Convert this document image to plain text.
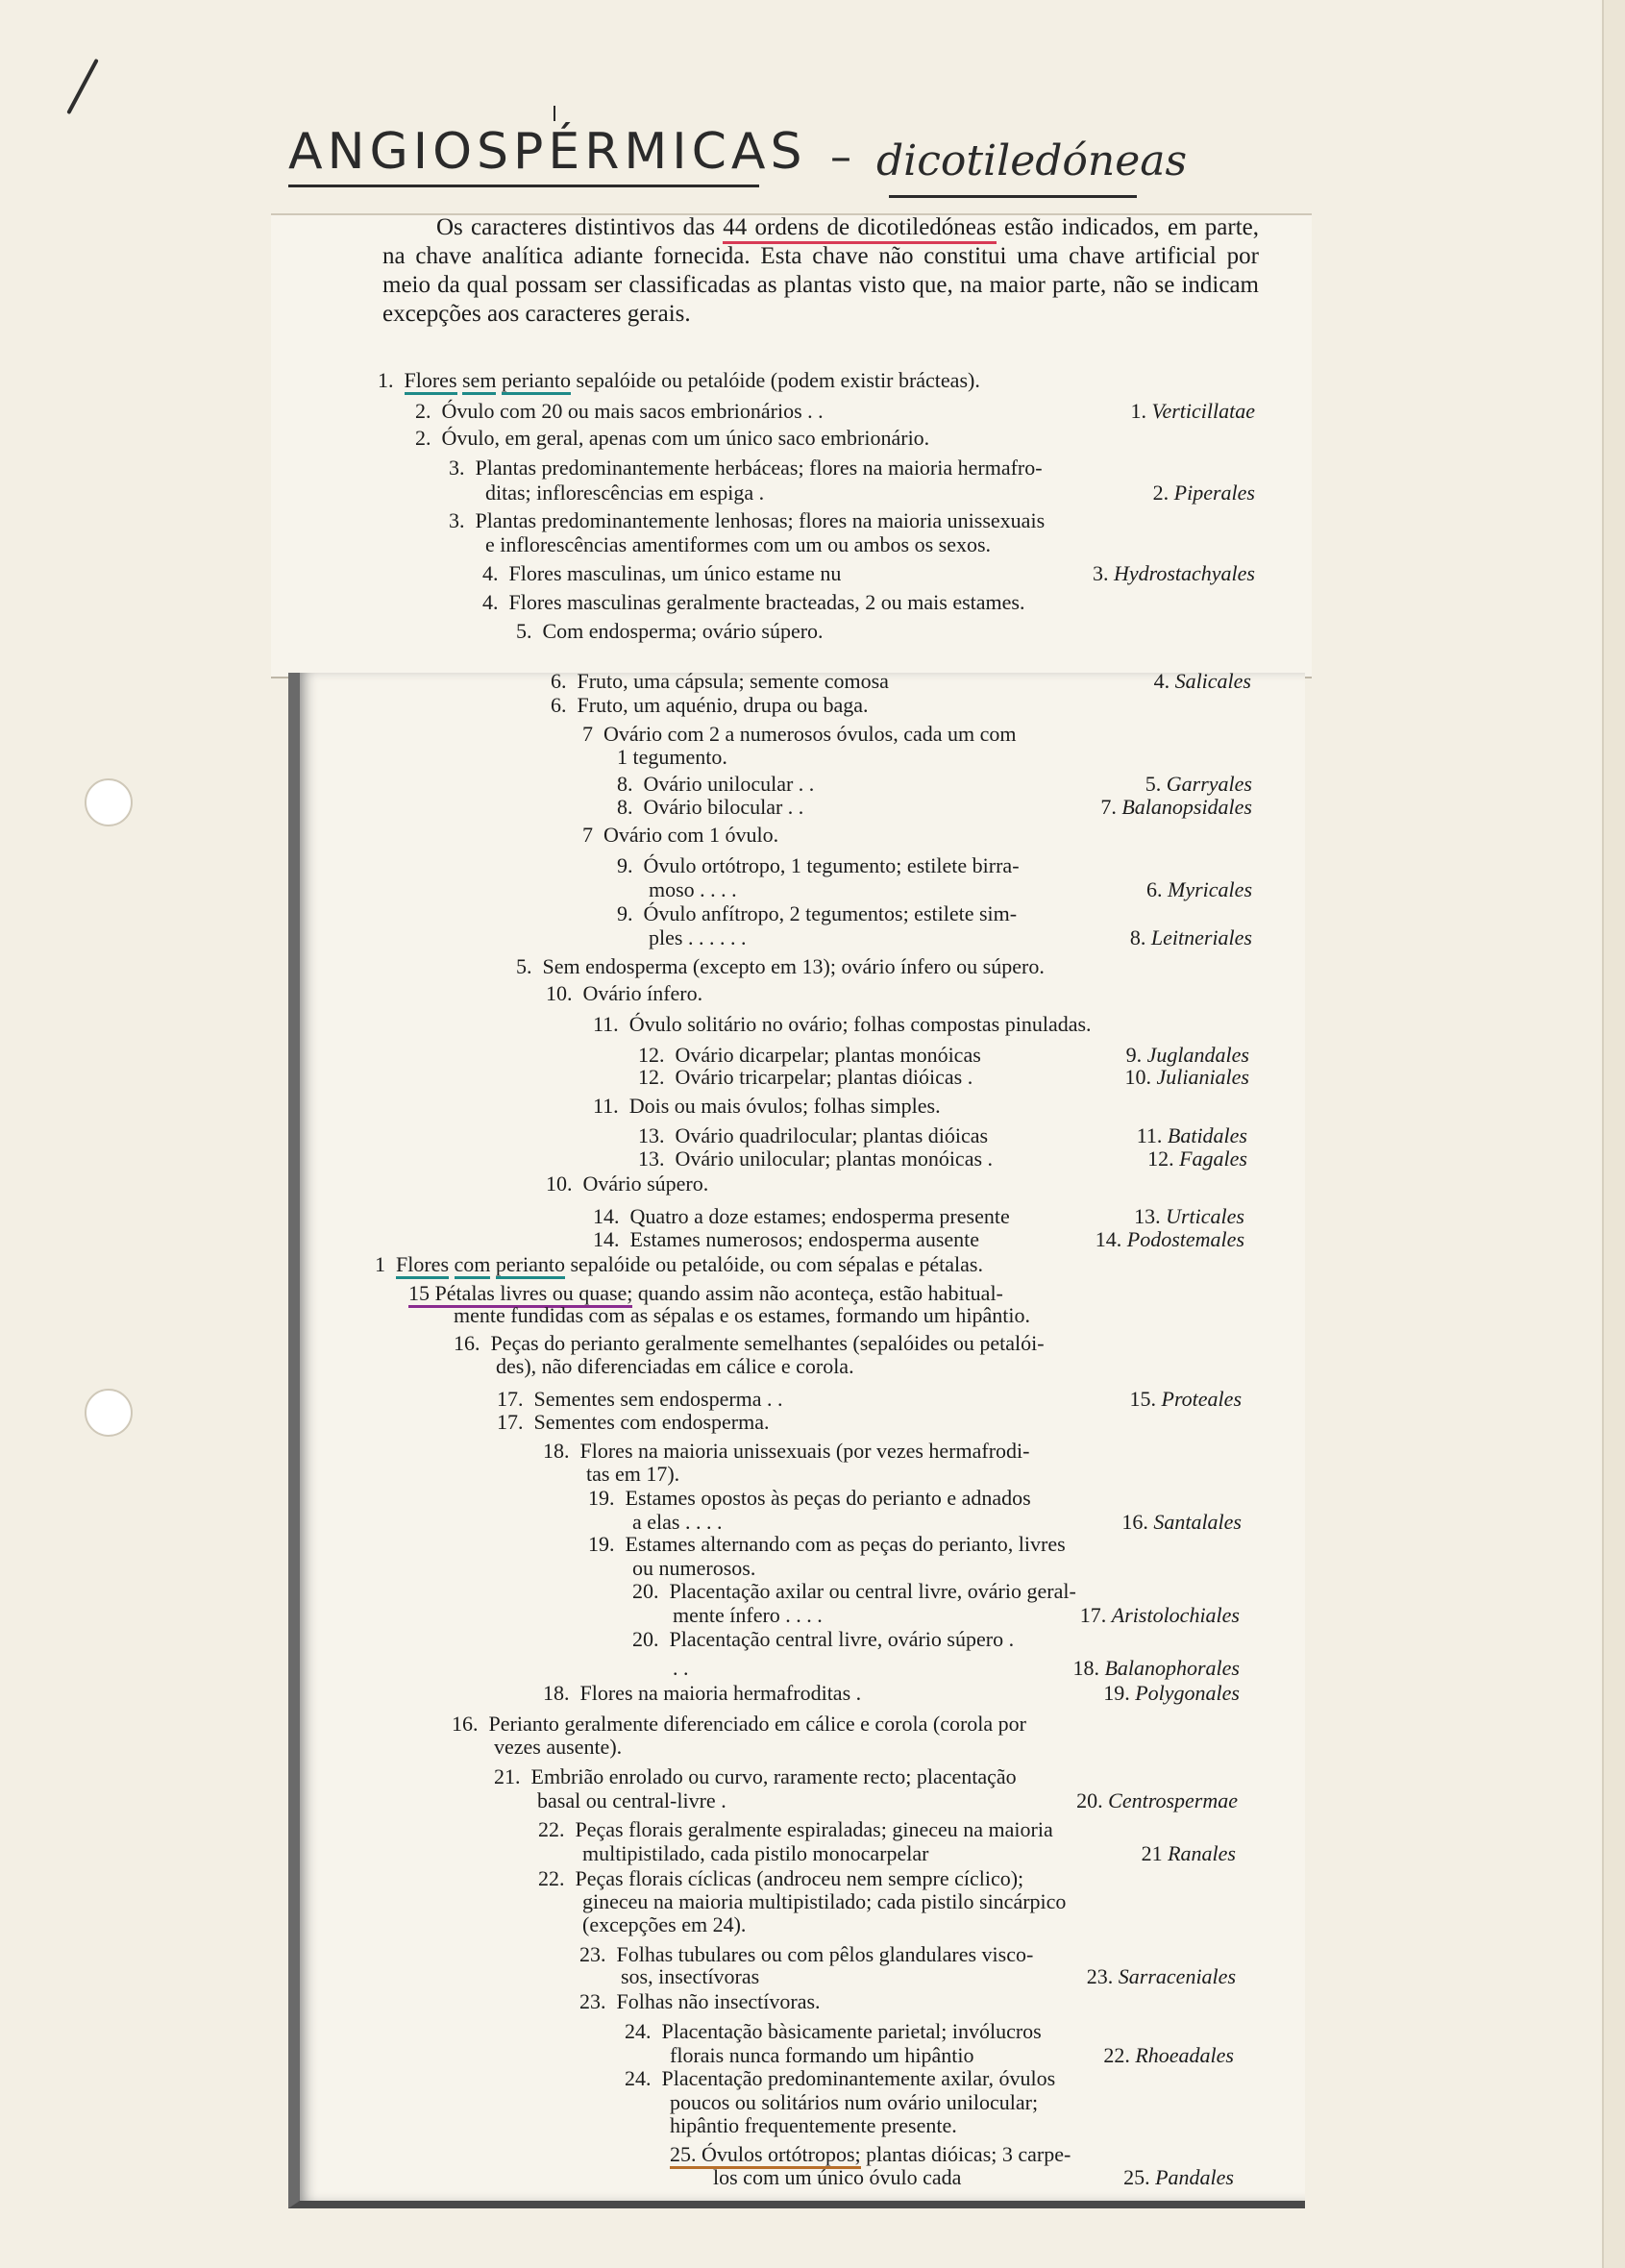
ANGIOSPÉRMICAS – dicotiledóneas

Os caracteres distintivos das 44 ordens de dicotiledóneas estão indicados, em parte, na chave analítica adiante fornecida. Esta chave não constitui uma chave artificial por meio da qual possam ser classificadas as plantas visto que, na maior parte, não se indicam excepções aos caracteres gerais.

1.  Flores sem perianto sepalóide ou petalóide (podem existir brácteas).
2.  Óvulo com 20 ou mais sacos embrionários . .	1. Verticillatae
2.  Óvulo, em geral, apenas com um único saco embrionário.
3.  Plantas predominantemente herbáceas; flores na maioria hermafro-
ditas; inflorescências em espiga .	2. Piperales
3.  Plantas predominantemente lenhosas; flores na maioria unissexuais
e inflorescências amentiformes com um ou ambos os sexos.
4.  Flores masculinas, um único estame nu	3. Hydrostachyales
4.  Flores masculinas geralmente bracteadas, 2 ou mais estames.
5.  Com endosperma; ovário súpero.
6.  Fruto, uma cápsula; semente comosa	4. Salicales
6.  Fruto, um aquénio, drupa ou baga.
7  Ovário com 2 a numerosos óvulos, cada um com
1 tegumento.
8.  Ovário unilocular . .	5. Garryales
8.  Ovário bilocular . .	7. Balanopsidales
7  Ovário com 1 óvulo.
9.  Óvulo ortótropo, 1 tegumento; estilete birra-
moso . . . .	6. Myricales
9.  Óvulo anfítropo, 2 tegumentos; estilete sim-
ples . . . . . .	8. Leitneriales
5.  Sem endosperma (excepto em 13); ovário ínfero ou súpero.
10.  Ovário ínfero.
11.  Óvulo solitário no ovário; folhas compostas pinuladas.
12.  Ovário dicarpelar; plantas monóicas	9. Juglandales
12.  Ovário tricarpelar; plantas dióicas .	10. Julianiales
11.  Dois ou mais óvulos; folhas simples.
13.  Ovário quadrilocular; plantas dióicas	11. Batidales
13.  Ovário unilocular; plantas monóicas .	12. Fagales
10.  Ovário súpero.
14.  Quatro a doze estames; endosperma presente	13. Urticales
14.  Estames numerosos; endosperma ausente	14. Podostemales
1  Flores com perianto sepalóide ou petalóide, ou com sépalas e pétalas.
15 Pétalas livres ou quase; quando assim não aconteça, estão habitual-
mente fundidas com as sépalas e os estames, formando um hipântio.
16.  Peças do perianto geralmente semelhantes (sepalóides ou petalói-
des), não diferenciadas em cálice e corola.
17.  Sementes sem endosperma . .	15. Proteales
17.  Sementes com endosperma.
18.  Flores na maioria unissexuais (por vezes hermafrodi-
tas em 17).
19.  Estames opostos às peças do perianto e adnados
a elas . . . .	16. Santalales
19.  Estames alternando com as peças do perianto, livres
ou numerosos.
20.  Placentação axilar ou central livre, ovário geral-
mente ínfero . . . .	17. Aristolochiales
20.  Placentação central livre, ovário súpero .
. .	18. Balanophorales
18.  Flores na maioria hermafroditas .	19. Polygonales
16.  Perianto geralmente diferenciado em cálice e corola (corola por
vezes ausente).
21.  Embrião enrolado ou curvo, raramente recto; placentação
basal ou central-livre .	20. Centrospermae
22.  Peças florais geralmente espiraladas; gineceu na maioria
multipistilado, cada pistilo monocarpelar	21 Ranales
22.  Peças florais cíclicas (androceu nem sempre cíclico);
gineceu na maioria multipistilado; cada pistilo sincárpico
(excepções em 24).
23.  Folhas tubulares ou com pêlos glandulares visco-
sos, insectívoras	23. Sarraceniales
23.  Folhas não insectívoras.
24.  Placentação bàsicamente parietal; invólucros
florais nunca formando um hipântio	22. Rhoeadales
24.  Placentação predominantemente axilar, óvulos
poucos ou solitários num ovário unilocular;
hipântio frequentemente presente.
25. Óvulos ortótropos; plantas dióicas; 3 carpe-
los com um único óvulo cada	25. Pandales
